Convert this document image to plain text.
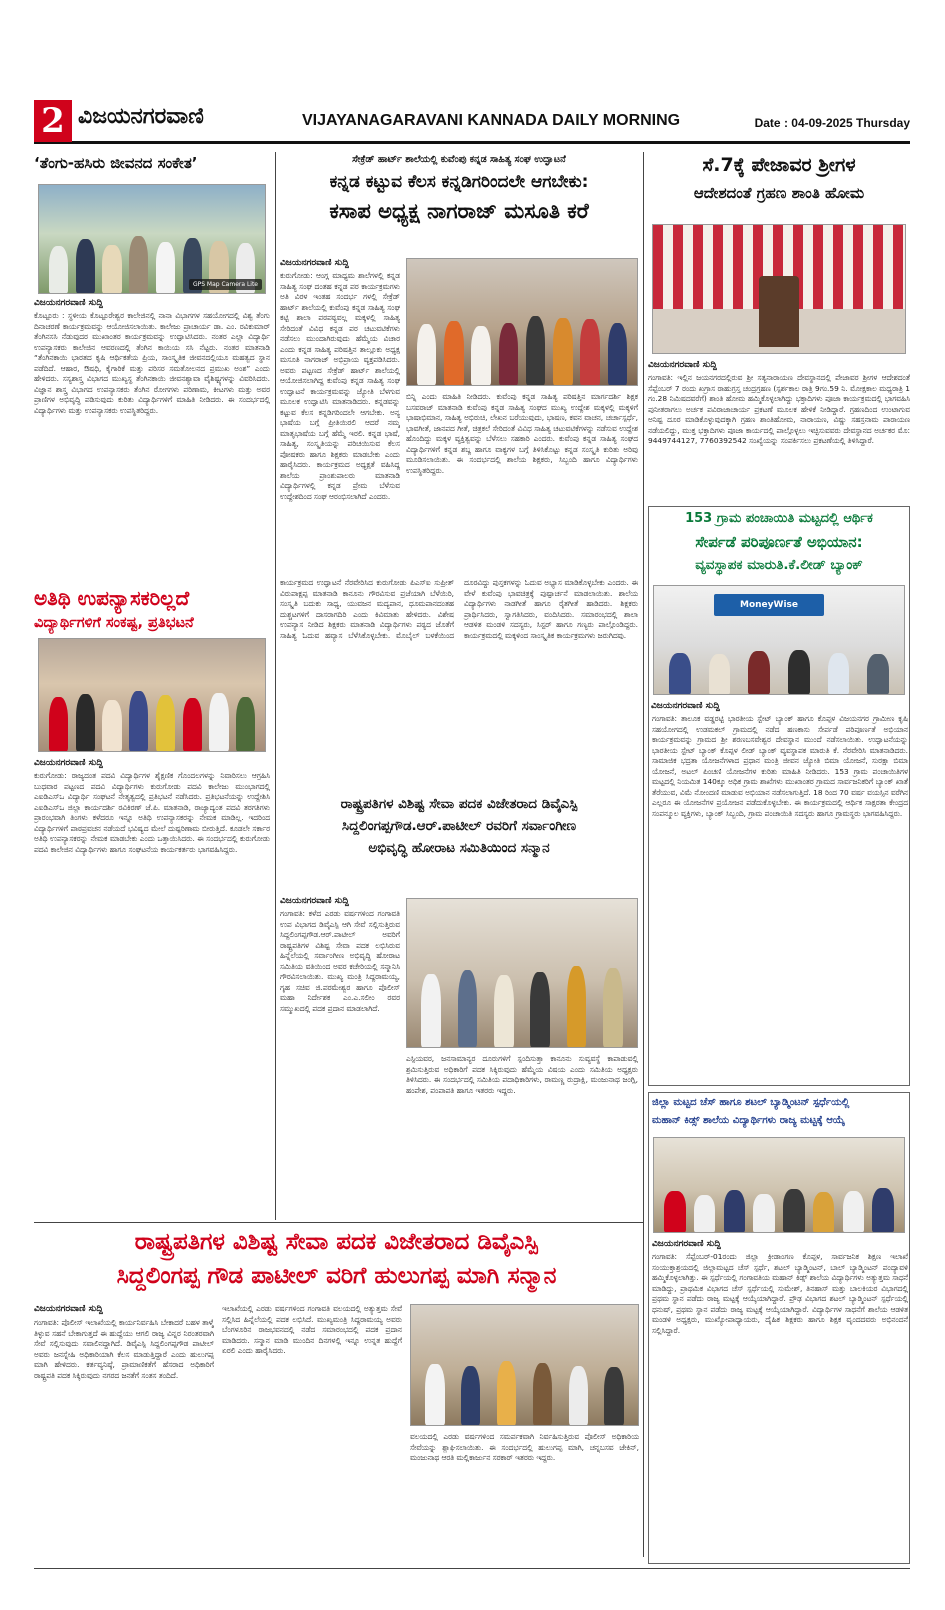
2 ವಿಜಯನಗರವಾಣಿ	VIJAYANAGARAVANI KANNADA DAILY MORNING	Date : 04-09-2025 Thursday
‘ತೆಂಗು-ಹಸಿರು ಜೀವನದ ಸಂಕೇತ’
GPS Map Camera Lite
ವಿಜಯನಗರವಾಣಿ ಸುದ್ದಿ
ಕೊಟ್ಟೂರು : ಸ್ಥಳೀಯ ಕೊಟ್ಟೂರೇಶ್ವರ ಕಾಲೇಜಿನಲ್ಲಿ ನಾನಾ ವಿಭಾಗಗಳ ಸಹಯೋಗದಲ್ಲಿ ವಿಶ್ವ ತೆಂಗು ದಿನಾಚರಣೆ ಕಾರ್ಯಕ್ರಮವನ್ನು ಆಯೋಜಿಸಲಾಯಿತು. ಕಾಲೇಜು ಪ್ರಾಚಾರ್ಯ ಡಾ. ಎಂ. ರವಿಕುಮಾರ್ ತೆಂಗಿನಸಸಿ ನೆಡುವುದರ ಮುಖಾಂತರ ಕಾರ್ಯಕ್ರಮವನ್ನು ಉದ್ಘಾಟಿಸಿದರು. ನಂತರ ಎಲ್ಲಾ ವಿದ್ಯಾರ್ಥಿ ಉಪನ್ಯಾಸಕರು ಕಾಲೇಜಿನ ಆವರಣದಲ್ಲಿ ತೆಂಗಿನ ಕಾಯಿಯ ಸಸಿ ನೆಟ್ಟರು. ನಂತರ ಮಾತನಾಡಿ “ತೆಂಗಿನಕಾಯಿ ಭಾರತದ ಕೃಷಿ ಆರ್ಥಿಕತೆಯ ಪ್ರಿಯ, ಸಾಂಸ್ಕೃತಿಕ ಜೀವನದಲ್ಲಿಯೂ ಮಹತ್ವದ ಸ್ಥಾನ ಪಡೆದಿದೆ. ಆಹಾರ, ಔಷಧಿ, ಕೈಗಾರಿಕೆ ಮತ್ತು ಪರಿಸರ ಸಮತೋಲನದ ಪ್ರಮುಖ ಅಂಶ” ಎಂದು ಹೇಳಿದರು. ಸಸ್ಯಶಾಸ್ತ್ರ ವಿಭಾಗದ ಮುಖ್ಯಸ್ಥ ತೆಂಗಿನಕಾಯಿ ಜೀವನಶ್ಯಾವಾ ವೈಶಿಷ್ಟ್ಯಗಳನ್ನು ವಿವರಿಸಿದರು. ವಿಜ್ಞಾನ ಶಾಸ್ತ್ರ ವಿಭಾಗದ ಉಪನ್ಯಾಸಕರು ತೆಂಗಿನ ರೋಗಗಳು ಪರಿಣಾಮ, ಕೀಟಗಳು ಮತ್ತು ಅವರ ಪ್ರಾಣಿಗಳ ಅಭಿವೃದ್ಧಿ ಪಡಿಸುವುದು ಕುರಿತು ವಿದ್ಯಾರ್ಥಿಗಳಿಗೆ ಮಾಹಿತಿ ನೀಡಿದರು. ಈ ಸಂದರ್ಭದಲ್ಲಿ ವಿದ್ಯಾರ್ಥಿಗಳು ಮತ್ತು ಉಪನ್ಯಾಸಕರು ಉಪಸ್ಥಿತರಿದ್ದರು.
ಅತಿಥಿ ಉಪನ್ಯಾಸಕರಿಲ್ಲದೆ
ವಿದ್ಯಾರ್ಥಿಗಳಿಗೆ ಸಂಕಷ್ಟ, ಪ್ರತಿಭಟನೆ
ವಿಜಯನಗರವಾಣಿ ಸುದ್ದಿ
ಕುರುಗೋಡು: ರಾಜ್ಯದಂತ ಪದವಿ ವಿದ್ಯಾರ್ಥಿಗಳ ಶೈಕ್ಷಣಿಕ ಗೊಂದಲಗಳನ್ನು ನಿವಾರಿಸಲು ಆಗ್ರಹಿಸಿ ಬುಧವಾರ ಪಟ್ಟಣದ ಪದವಿ ವಿದ್ಯಾರ್ಥಿಗಳು ಕುರುಗೋಡು ಪದವಿ ಕಾಲೇಜು ಮುಂಭಾಗದಲ್ಲಿ ಎಐಡಿಎಸ್‌ಒ ವಿದ್ಯಾರ್ಥಿ ಸಂಘಟನೆ ನೇತೃತ್ವದಲ್ಲಿ ಪ್ರತಿಭಟನೆ ನಡೆಸಿದರು. ಪ್ರತಿಭಟನೆಯನ್ನು ಉದ್ದೇಶಿಸಿ ಎಐಡಿಎಸ್‌ಒ ಜಿಲ್ಲಾ ಕಾರ್ಯದರ್ಶಿ ರವಿಕಿರಣ್ ಜೆ.ಪಿ. ಮಾತನಾಡಿ, ರಾಜ್ಯಾದ್ಯಂತ ಪದವಿ ತರಗತಿಗಳು ಪ್ರಾರಂಭವಾಗಿ ತಿಂಗಳು ಕಳೆದರೂ ಇನ್ನೂ ಅತಿಥಿ ಉಪನ್ಯಾಸಕರನ್ನು ನೇಮಕ ಮಾಡಿಲ್ಲ. ಇದರಿಂದ ವಿದ್ಯಾರ್ಥಿಗಳಿಗೆ ಪಾಠಪ್ರವಚನ ನಡೆಯದೆ ಭವಿಷ್ಯದ ಮೇಲೆ ದುಷ್ಪರಿಣಾಮ ಬೀರುತ್ತಿದೆ. ಕೂಡಲೇ ಸರ್ಕಾರ ಅತಿಥಿ ಉಪನ್ಯಾಸಕರನ್ನು ನೇಮಕ ಮಾಡಬೇಕು ಎಂದು ಒತ್ತಾಯಿಸಿದರು. ಈ ಸಂದರ್ಭದಲ್ಲಿ ಕುರುಗೋಡು ಪದವಿ ಕಾಲೇಜಿನ ವಿದ್ಯಾರ್ಥಿಗಳು ಹಾಗೂ ಸಂಘಟನೆಯ ಕಾರ್ಯಕರ್ತರು ಭಾಗವಹಿಸಿದ್ದರು.
ಸೇಕ್ರೆಡ್ ಹಾರ್ಟ್ ಶಾಲೆಯಲ್ಲಿ ಕುವೆಂಪು ಕನ್ನಡ ಸಾಹಿತ್ಯ ಸಂಘ ಉದ್ಘಾಟನೆ
ಕನ್ನಡ ಕಟ್ಟುವ ಕೆಲಸ ಕನ್ನಡಿಗರಿಂದಲೇ ಆಗಬೇಕು:
ಕಸಾಪ ಅಧ್ಯಕ್ಷ ನಾಗರಾಜ್ ಮಸೂತಿ ಕರೆ
ವಿಜಯನಗರವಾಣಿ ಸುದ್ದಿ
ಕುರುಗೋಡು: ಆಂಗ್ಲ ಮಾಧ್ಯಮ ಶಾಲೆಗಳಲ್ಲಿ ಕನ್ನಡ ಸಾಹಿತ್ಯ ಸಂಘ ದಂತಹ ಕನ್ನಡ ಪರ ಕಾರ್ಯಕ್ರಮಗಳು ಅತಿ ವಿರಳ ಇಂತಹ ಸಂದರ್ಭ ಗಳಲ್ಲಿ ಸೇಕ್ರೆಡ್ ಹಾರ್ಟ್ ಶಾಲೆಯಲ್ಲಿ ಕುವೆಂಪು ಕನ್ನಡ ಸಾಹಿತ್ಯ ಸಂಘ ಕಟ್ಟಿ ಶಾಲಾ ಪಠಪಠ್ಯವಲ್ಲ ಮಕ್ಕಳಲ್ಲಿ ಸಾಹಿತ್ಯ ಸೇರಿದಂತೆ ವಿವಿಧ ಕನ್ನಡ ಪರ ಚಟುವಟಿಕೆಗಳು ನಡೆಸಲು ಮುಂದಾಗಿರುವುದು ಹೆಮ್ಮೆಯ ವಿಚಾರ ಎಂದು ಕನ್ನಡ ಸಾಹಿತ್ಯ ಪರಿಷತ್ತಿನ ತಾಲ್ಲೂಕು ಅಧ್ಯಕ್ಷ ಮಸೂತಿ ನಾಗರಾಜ್ ಅಭಿಪ್ರಾಯ ವ್ಯಕ್ತಪಡಿಸಿದರು. ಅವರು ಪಟ್ಟಣದ ಸೇಕ್ರೆಡ್ ಹಾರ್ಟ್ ಶಾಲೆಯಲ್ಲಿ ಆಯೋಜಿಸಲಾಗಿದ್ದ ಕುವೆಂಪು ಕನ್ನಡ ಸಾಹಿತ್ಯ ಸಂಘ ಉದ್ಘಾಟನೆ ಕಾರ್ಯಕ್ರಮವನ್ನು ಜ್ಯೋತಿ ಬೆಳಗುವ ಮೂಲಕ ಉದ್ಘಾಟಿಸಿ ಮಾತನಾಡಿದರು. ಕನ್ನಡವನ್ನು ಕಟ್ಟುವ ಕೆಲಸ ಕನ್ನಡಿಗರಿಂದಲೇ ಆಗಬೇಕು. ಅನ್ಯ ಭಾಷೆಯ ಬಗ್ಗೆ ಪ್ರೀತಿಯಿರಲಿ ಆದರೆ ನಮ್ಮ ಮಾತೃಭಾಷೆಯ ಬಗ್ಗೆ ಹೆಮ್ಮೆ ಇರಲಿ. ಕನ್ನಡ ಭಾಷೆ, ಸಾಹಿತ್ಯ, ಸಂಸ್ಕೃತಿಯನ್ನು ಪರಿಚಯಿಸುವ ಕೆಲಸ ಪೋಷಕರು ಹಾಗೂ ಶಿಕ್ಷಕರು ಮಾಡಬೇಕು ಎಂದು ಹಾರೈಸಿದರು. ಕಾರ್ಯಕ್ರಮದ ಅಧ್ಯಕ್ಷತೆ ವಹಿಸಿದ್ದ ಶಾಲೆಯ ಪ್ರಾಂಶುಪಾಲರು ಮಾತನಾಡಿ ವಿದ್ಯಾರ್ಥಿಗಳಲ್ಲಿ ಕನ್ನಡ ಪ್ರೇಮ ಬೆಳೆಸುವ ಉದ್ದೇಶದಿಂದ ಸಂಘ ಆರಂಭಿಸಲಾಗಿದೆ ಎಂದರು.
ಬಿನ್ನಿ ಎಂದು ಮಾಹಿತಿ ನೀಡಿದರು. ಕುವೆಂಪು ಕನ್ನಡ ಸಾಹಿತ್ಯ ಪರಿಷತ್ತಿನ ಮಾರ್ಗದರ್ಶಿ ಶಿಕ್ಷಕ ಬಸವರಾಜ್ ಮಾತನಾಡಿ ಕುವೆಂಪು ಕನ್ನಡ ಸಾಹಿತ್ಯ ಸಂಘದ ಮುಖ್ಯ ಉದ್ದೇಶ ಮಕ್ಕಳಲ್ಲಿ ಮಕ್ಕಳಿಗೆ ಭಾಷಾಭಿಮಾನ, ಸಾಹಿತ್ಯ ಅಭಿರುಚಿ, ಲೇಖನ ಬರೆಯುವುದು, ಭಾಷಣ, ಕವನ ವಾಚನ, ಚರ್ಚಾಸ್ಪರ್ಧೆ, ಭಾವಗೀತೆ, ಜಾನಪದ ಗೀತೆ, ಚಿತ್ರಕಲೆ ಸೇರಿದಂತೆ ವಿವಿಧ ಸಾಹಿತ್ಯ ಚಟುವಟಿಕೆಗಳನ್ನು ನಡೆಸುವ ಉದ್ದೇಶ ಹೊಂದಿದ್ದು ಮಕ್ಕಳ ವ್ಯಕ್ತಿತ್ವವನ್ನು ಬೆಳೆಸಲು ಸಹಕಾರಿ ಎಂದರು. ಕುವೆಂಪು ಕನ್ನಡ ಸಾಹಿತ್ಯ ಸಂಘದ ವಿದ್ಯಾರ್ಥಿಗಳಿಗೆ ಕನ್ನಡ ಶಬ್ದ ಹಾಗೂ ವಾಕ್ಯಗಳ ಬಗ್ಗೆ ತಿಳಿಸಿಕೊಟ್ಟು ಕನ್ನಡ ಸಂಸ್ಕೃತಿ ಕುರಿತು ಅರಿವು ಮೂಡಿಸಲಾಯಿತು. ಈ ಸಂದರ್ಭದಲ್ಲಿ ಶಾಲೆಯ ಶಿಕ್ಷಕರು, ಸಿಬ್ಬಂದಿ ಹಾಗೂ ವಿದ್ಯಾರ್ಥಿಗಳು ಉಪಸ್ಥಿತರಿದ್ದರು.
ಕಾರ್ಯಕ್ರಮದ ಉದ್ಘಾಟನೆ ನೆರವೇರಿಸಿದ ಕುರುಗೋಡು ಪಿಎಸ್‌ಐ ಸುಪ್ರೀತ್ ವಿರುಪಾಕ್ಷಪ್ಪ ಮಾತನಾಡಿ ಕಾನೂನು ಗೌರವಿಸುವ ಪ್ರಜೆಯಾಗಿ ಬೆಳೆಯಿರಿ, ಸಂಸ್ಕೃತಿ ಬದುಕು ಸಾಧ್ಯ, ಯುವಜನ ಮದ್ಯಪಾನ, ಧೂಮಪಾನದಂತಹ ದುಶ್ಚಟಗಳಿಗೆ ದಾಸರಾಗದಿರಿ ಎಂದು ಕಿವಿಮಾತು ಹೇಳಿದರು. ವಿಶೇಷ ಉಪನ್ಯಾಸ ನೀಡಿದ ಶಿಕ್ಷಕರು ಮಾತನಾಡಿ ವಿದ್ಯಾರ್ಥಿಗಳು ಪಠ್ಯದ ಜೊತೆಗೆ ಸಾಹಿತ್ಯ ಓದುವ ಹವ್ಯಾಸ ಬೆಳೆಸಿಕೊಳ್ಳಬೇಕು. ಮೊಬೈಲ್ ಬಳಕೆಯಿಂದ ದೂರವಿದ್ದು ಪುಸ್ತಕಗಳನ್ನು ಓದುವ ಅಭ್ಯಾಸ ಮಾಡಿಕೊಳ್ಳಬೇಕು ಎಂದರು. ಈ ವೇಳೆ ಕುವೆಂಪು ಭಾವಚಿತ್ರಕ್ಕೆ ಪುಷ್ಪಾರ್ಚನೆ ಮಾಡಲಾಯಿತು. ಶಾಲೆಯ ವಿದ್ಯಾರ್ಥಿಗಳು ನಾಡಗೀತೆ ಹಾಗೂ ರೈತಗೀತೆ ಹಾಡಿದರು. ಶಿಕ್ಷಕರು ಪ್ರಾರ್ಥಿಸಿದರು, ಸ್ವಾಗತಿಸಿದರು, ವಂದಿಸಿದರು. ಸಮಾರಂಭದಲ್ಲಿ ಶಾಲಾ ಆಡಳಿತ ಮಂಡಳಿ ಸದಸ್ಯರು, ಸಿಸ್ಟರ್ ಹಾಗೂ ಗಣ್ಯರು ಪಾಲ್ಗೊಂಡಿದ್ದರು. ಕಾರ್ಯಕ್ರಮದಲ್ಲಿ ಮಕ್ಕಳಿಂದ ಸಾಂಸ್ಕೃತಿಕ ಕಾರ್ಯಕ್ರಮಗಳು ಜರುಗಿದವು.
ರಾಷ್ಟ್ರಪತಿಗಳ ವಿಶಿಷ್ಟ ಸೇವಾ ಪದಕ ವಿಜೇತರಾದ ಡಿವೈಎಸ್ಪಿ
ಸಿದ್ದಲಿಂಗಪ್ಪಗೌಡ.ಆರ್.ಪಾಟೀಲ್ ರವರಿಗೆ ಸರ್ವಾಂಗೀಣ
ಅಭಿವೃದ್ಧಿ ಹೋರಾಟ ಸಮಿತಿಯಿಂದ ಸನ್ಮಾನ
ವಿಜಯನಗರವಾಣಿ ಸುದ್ದಿ
ಗಂಗಾವತಿ: ಕಳೆದ ಎರಡು ವರ್ಷಗಳಿಂದ ಗಂಗಾವತಿ ಉಪ ವಿಭಾಗದ ಡಿವೈಎಸ್ಪಿ ಆಗಿ ಸೇವೆ ಸಲ್ಲಿಸುತ್ತಿರುವ ಸಿದ್ದಲಿಂಗಪ್ಪಗೌಡ.ಆರ್.ಪಾಟೀಲ್ ಅವರಿಗೆ ರಾಷ್ಟ್ರಪತಿಗಳ ವಿಶಿಷ್ಟ ಸೇವಾ ಪದಕ ಲಭಿಸಿರುವ ಹಿನ್ನೆಲೆಯಲ್ಲಿ ಸರ್ವಾಂಗೀಣ ಅಭಿವೃದ್ಧಿ ಹೋರಾಟ ಸಮಿತಿಯ ವತಿಯಿಂದ ಅವರ ಕಚೇರಿಯಲ್ಲಿ ಸನ್ಮಾನಿಸಿ ಗೌರವಿಸಲಾಯಿತು. ಮುಖ್ಯ ಮಂತ್ರಿ ಸಿದ್ದರಾಮಯ್ಯ, ಗೃಹ ಸಚಿವ ಜಿ.ಪರಮೇಶ್ವರ ಹಾಗೂ ಪೊಲೀಸ್ ಮಹಾ ನಿರ್ದೇಶಕ ಎಂ.ಎ.ಸಲೀಂ ರವರ ಸಮ್ಮುಖದಲ್ಲಿ ಪದಕ ಪ್ರದಾನ ಮಾಡಲಾಗಿದೆ.
ಎಸ್ಪಿಯವರ, ಜನಸಾಮಾನ್ಯರ ದೂರುಗಳಿಗೆ ಸ್ಪಂದಿಸುತ್ತಾ ಕಾನೂನು ಸುವ್ಯವಸ್ಥೆ ಕಾಪಾಡುವಲ್ಲಿ ಶ್ರಮಿಸುತ್ತಿರುವ ಅಧಿಕಾರಿಗೆ ಪದಕ ಸಿಕ್ಕಿರುವುದು ಹೆಮ್ಮೆಯ ವಿಷಯ ಎಂದು ಸಮಿತಿಯ ಅಧ್ಯಕ್ಷರು ತಿಳಿಸಿದರು. ಈ ಸಂದರ್ಭದಲ್ಲಿ ಸಮಿತಿಯ ಪದಾಧಿಕಾರಿಗಳು, ರಾಮಣ್ಣ ರುದ್ರಾಕ್ಷಿ, ಮಂಜುನಾಥ ಜಂಗ್ಲಿ, ಹಂಪೇಶ, ಪಂಪಾಪತಿ ಹಾಗೂ ಇತರರು ಇದ್ದರು.
ರಾಷ್ಟ್ರಪತಿಗಳ ವಿಶಿಷ್ಟ ಸೇವಾ ಪದಕ ವಿಜೇತರಾದ ಡಿವೈಎಸ್ಪಿ
ಸಿದ್ದಲಿಂಗಪ್ಪ ಗೌಡ ಪಾಟೀಲ್ ವರಿಗೆ ಹುಲುಗಪ್ಪ ಮಾಗಿ ಸನ್ಮಾನ
ವಿಜಯನಗರವಾಣಿ ಸುದ್ದಿ
ಗಂಗಾವತಿ: ಪೊಲೀಸ್ ಇಲಾಖೆಯಲ್ಲಿ ಕಾರ್ಯನಿರ್ವಹಿಸಿ ಬೇಕಾದರೆ ಬಹಳ ತಾಳ್ಮೆ ತಿಳ್ಳುವ ಸಹನೆ ಬೇಕಾಗುತ್ತದೆ ಈ ಹುದ್ದೆಯು ಆಗಲಿ ರಾಜ್ಯ ವಿನ್ನರ ನಿರಂತರವಾಗಿ ಸೇವೆ ಸಲ್ಲಿಸುವುದು ಸವಾಲಿನದ್ದಾಗಿದೆ. ಡಿವೈಎಸ್ಪಿ ಸಿದ್ದಲಿಂಗಪ್ಪಗೌಡ ಪಾಟೀಲ್ ಅವರು ಜನಸ್ನೇಹಿ ಅಧಿಕಾರಿಯಾಗಿ ಕೆಲಸ ಮಾಡುತ್ತಿದ್ದಾರೆ ಎಂದು ಹುಲುಗಪ್ಪ ಮಾಗಿ ಹೇಳಿದರು. ಕರ್ತವ್ಯನಿಷ್ಠೆ, ಪ್ರಾಮಾಣಿಕತೆಗೆ ಹೆಸರಾದ ಅಧಿಕಾರಿಗೆ ರಾಷ್ಟ್ರಪತಿ ಪದಕ ಸಿಕ್ಕಿರುವುದು ನಗರದ ಜನತೆಗೆ ಸಂತಸ ತಂದಿದೆ.
ಇಲಾಖೆಯಲ್ಲಿ ಎರಡು ವರ್ಷಗಳಿಂದ ಗಂಗಾವತಿ ವಲಯದಲ್ಲಿ ಅತ್ಯುತ್ತಮ ಸೇವೆ ಸಲ್ಲಿಸಿದ ಹಿನ್ನೆಲೆಯಲ್ಲಿ ಪದಕ ಲಭಿಸಿದೆ. ಮುಖ್ಯಮಂತ್ರಿ ಸಿದ್ದರಾಮಯ್ಯ ಅವರು ಬೆಂಗಳೂರಿನ ರಾಜಭವನದಲ್ಲಿ ನಡೆದ ಸಮಾರಂಭದಲ್ಲಿ ಪದಕ ಪ್ರದಾನ ಮಾಡಿದರು. ಸನ್ಮಾನ ಮಾಡಿ ಮುಂದಿನ ದಿನಗಳಲ್ಲಿ ಇನ್ನೂ ಉನ್ನತ ಹುದ್ದೆಗೆ ಏರಲಿ ಎಂದು ಹಾರೈಸಿದರು.
ವಲಯದಲ್ಲಿ ಎರಡು ವರ್ಷಗಳಿಂದ ಸಮರ್ಪಕವಾಗಿ ನಿರ್ವಹಿಸುತ್ತಿರುವ ಪೊಲೀಸ್ ಅಧಿಕಾರಿಯ ಸೇವೆಯನ್ನು ಶ್ಲಾಘಿಸಲಾಯಿತು. ಈ ಸಂದರ್ಭದಲ್ಲಿ ಹುಲುಗಪ್ಪ ಮಾಗಿ, ಚನ್ನಬಸವ ಜೇಕಿನ್, ಮಂಜುನಾಥ ಆರತಿ ಮಲ್ಲಿಕಾರ್ಜುನ ಸರಕಾರ್ ಇತರರು ಇದ್ದರು.
ಸೆ.7ಕ್ಕೆ ಪೇಜಾವರ ಶ್ರೀಗಳ
ಆದೇಶದಂತೆ ಗ್ರಹಣ ಶಾಂತಿ ಹೋಮ
ವಿಜಯನಗರವಾಣಿ ಸುದ್ದಿ
ಗಂಗಾವತಿ: ಇಲ್ಲಿನ ಜಯನಗರದಲ್ಲಿರುವ ಶ್ರೀ ಸತ್ಯನಾರಾಯಣ ದೇವಸ್ಥಾನದಲ್ಲಿ ಪೇಜಾವರ ಶ್ರೀಗಳ ಆದೇಶದಂತೆ ಸೆಪ್ಟೆಂಬರ್ 7 ರಂದು ಖಗ್ರಾಸ ರಾಹುಗ್ರಸ್ತ ಚಂದ್ರಗ್ರಹಣ (ಸ್ಪರ್ಶಕಾಲ ರಾತ್ರಿ 9ಗಂ.59 ನಿ. ಮೋಕ್ಷಕಾಲ ಮಧ್ಯರಾತ್ರಿ 1 ಗಂ.28 ನಿಮಿಷದವರೆಗೆ) ಶಾಂತಿ ಹೋಮ ಹಮ್ಮಿಕೊಳ್ಳಲಾಗಿದ್ದು ಭಕ್ತಾದಿಗಳು ಪೂಜಾ ಕಾರ್ಯಕ್ರಮದಲ್ಲಿ ಭಾಗವಹಿಸಿ ಪುನೀತರಾಗಲು ಅರ್ಚಕ ಪವಿರಾಜಾಚಾರ್ಯ ಪ್ರಕಟಣೆ ಮೂಲಕ ಹೇಳಿಕೆ ನೀಡಿದ್ದಾರೆ. ಗ್ರಹಣದಿಂದ ಉಂಟಾಗುವ ಅನಿಷ್ಟ ದೂರ ಮಾಡಿಕೊಳ್ಳುವುದಕ್ಕಾಗಿ ಗ್ರಹಣ ಶಾಂತಿಹೋಮ, ನಾರಾಯಣ, ವಿಷ್ಣು ಸಹಸ್ರನಾಮ ಪಾರಾಯಣ ನಡೆಯಲಿದ್ದು, ಮುಕ್ತ ಭಕ್ತಾದಿಗಳು ಪೂಜಾ ಕಾರ್ಯದಲ್ಲಿ ಪಾಲ್ಗೊಳ್ಳಲು ಇಚ್ಛಿಸುವವರು ದೇವಸ್ಥಾನದ ಅರ್ಚಕರ ಮೊ: 9449744127, 7760392542 ಸಂಖ್ಯೆಯನ್ನು ಸಂಪರ್ಕಿಸಲು ಪ್ರಕಟಣೆಯಲ್ಲಿ ತಿಳಿಸಿದ್ದಾರೆ.
153 ಗ್ರಾಮ ಪಂಚಾಯಿತಿ ಮಟ್ಟದಲ್ಲಿ ಆರ್ಥಿಕ
ಸೇರ್ಪಡೆ ಪರಿಪೂರ್ಣತೆ ಅಭಿಯಾನ:
ವ್ಯವಸ್ಥಾಪಕ ಮಾರುತಿ.ಕೆ.ಲೀಡ್ ಬ್ಯಾಂಕ್
MoneyWise
ವಿಜಯನಗರವಾಣಿ ಸುದ್ದಿ
ಗಂಗಾವತಿ: ತಾಲೂಕ ವಡ್ಡರಟ್ಟಿ ಭಾರತೀಯ ಸ್ಟೇಟ್ ಬ್ಯಾಂಕ್ ಹಾಗೂ ಕೊಪ್ಪಳ ವಿಜಯನಗರ ಗ್ರಾಮೀಣ ಕೃಷಿ ಸಹಯೋಗದಲ್ಲಿ ಉಡಮಕಲ್ ಗ್ರಾಮದಲ್ಲಿ ನಡೆದ ಹಣಕಾಸು ಸೇರ್ಪಡೆ ಪರಿಪೂರ್ಣತೆ ಅಭಿಯಾನ ಕಾರ್ಯಕ್ರಮವನ್ನು ಗ್ರಾಮದ ಶ್ರೀ ಶರಣಬಸವೇಶ್ವರ ದೇವಸ್ಥಾನ ಮುಂದೆ ನಡೆಸಲಾಯಿತು. ಉದ್ಘಾಟನೆಯನ್ನು ಭಾರತೀಯ ಸ್ಟೇಟ್ ಬ್ಯಾಂಕ್ ಕೊಪ್ಪಳ ಲೀಡ್ ಬ್ಯಾಂಕ್ ವ್ಯವಸ್ಥಾಪಕ ಮಾರುತಿ ಕೆ. ನೆರವೇರಿಸಿ ಮಾತನಾಡಿದರು. ಸಾಮಾಜಿಕ ಭದ್ರತಾ ಯೋಜನೆಗಳಾದ ಪ್ರಧಾನ ಮಂತ್ರಿ ಜೀವನ ಜ್ಯೋತಿ ಬಿಮಾ ಯೋಜನೆ, ಸುರಕ್ಷಾ ಬಿಮಾ ಯೋಜನೆ, ಅಟಲ್ ಪಿಂಚಣಿ ಯೋಜನೆಗಳ ಕುರಿತು ಮಾಹಿತಿ ನೀಡಿದರು. 153 ಗ್ರಾಮ ಪಂಚಾಯಿತಿಗಳ ಮಟ್ಟದಲ್ಲಿ ನಿಯಮಿತ 140ಕ್ಕೂ ಅಧಿಕ ಗ್ರಾಮ ಶಾಖೆಗಳು ಮುಖಾಂತರ ಗ್ರಾಮದ ಸಾರ್ವಜನಿಕರಿಗೆ ಬ್ಯಾಂಕ್ ಖಾತೆ ತೆರೆಯುವ, ವಿಮೆ ನೋಂದಣಿ ಮಾಡುವ ಅಭಿಯಾನ ನಡೆಸಲಾಗುತ್ತಿದೆ. 18 ರಿಂದ 70 ವರ್ಷ ವಯಸ್ಸಿನ ವರೆಗಿನ ಎಲ್ಲರೂ ಈ ಯೋಜನೆಗಳ ಪ್ರಯೋಜನ ಪಡೆದುಕೊಳ್ಳಬೇಕು. ಈ ಕಾರ್ಯಕ್ರಮದಲ್ಲಿ ಆರ್ಥಿಕ ಸಾಕ್ಷರತಾ ಕೇಂದ್ರದ ಸಂಪನ್ಮೂಲ ವ್ಯಕ್ತಿಗಳು, ಬ್ಯಾಂಕ್ ಸಿಬ್ಬಂದಿ, ಗ್ರಾಮ ಪಂಚಾಯಿತಿ ಸದಸ್ಯರು ಹಾಗೂ ಗ್ರಾಮಸ್ಥರು ಭಾಗವಹಿಸಿದ್ದರು.
ಜಿಲ್ಲಾ ಮಟ್ಟದ ಚೆಸ್ ಹಾಗೂ ಶಟಲ್ ಬ್ಯಾಡ್ಮಿಂಟನ್ ಸ್ಪರ್ಧೆಯಲ್ಲಿ
ಮಹಾನ್ ಕಿಡ್ಸ್ ಶಾಲೆಯ ವಿದ್ಯಾರ್ಥಿಗಳು ರಾಜ್ಯ ಮಟ್ಟಕ್ಕೆ ಆಯ್ಕೆ
ವಿಜಯನಗರವಾಣಿ ಸುದ್ದಿ
ಗಂಗಾವತಿ: ಸೆಪ್ಟೆಂಬರ್-01ರಂದು ಜಿಲ್ಲಾ ಕ್ರೀಡಾಂಗಣ ಕೊಪ್ಪಳ, ಸಾರ್ವಜನಿಕ ಶಿಕ್ಷಣ ಇಲಾಖೆ ಸಂಯುಕ್ತಾಶ್ರಯದಲ್ಲಿ ಜಿಲ್ಲಾಮಟ್ಟದ ಚೆಸ್ ಸ್ಪರ್ಧೆ, ಶಟಲ್ ಬ್ಯಾಡ್ಮಿಂಟನ್, ಬಾಲ್ ಬ್ಯಾಡ್ಮಿಂಟನ್ ಪಂದ್ಯಾವಳಿ ಹಮ್ಮಿಕೊಳ್ಳಲಾಗಿತ್ತು. ಈ ಸ್ಪರ್ಧೆಯಲ್ಲಿ ಗಂಗಾವತಿಯ ಮಹಾನ್ ಕಿಡ್ಸ್ ಶಾಲೆಯ ವಿದ್ಯಾರ್ಥಿಗಳು ಅತ್ಯುತ್ತಮ ಸಾಧನೆ ಮಾಡಿದ್ದು, ಪ್ರಾಥಮಿಕ ವಿಭಾಗದ ಚೆಸ್ ಸ್ಪರ್ಧೆಯಲ್ಲಿ ಸುಮೇಶ್, ತಿನಹಾಸ್ ಮತ್ತು ಬಾಲಕಿಯರ ವಿಭಾಗದಲ್ಲಿ ಪ್ರಥಮ ಸ್ಥಾನ ಪಡೆದು ರಾಜ್ಯ ಮಟ್ಟಕ್ಕೆ ಆಯ್ಕೆಯಾಗಿದ್ದಾರೆ. ಪ್ರೌಢ ವಿಭಾಗದ ಶಟಲ್ ಬ್ಯಾಡ್ಮಿಂಟನ್ ಸ್ಪರ್ಧೆಯಲ್ಲಿ ಧನುಷ್, ಪ್ರಥಮ ಸ್ಥಾನ ಪಡೆದು ರಾಜ್ಯ ಮಟ್ಟಕ್ಕೆ ಆಯ್ಕೆಯಾಗಿದ್ದಾರೆ. ವಿದ್ಯಾರ್ಥಿಗಳ ಸಾಧನೆಗೆ ಶಾಲೆಯ ಆಡಳಿತ ಮಂಡಳಿ ಅಧ್ಯಕ್ಷರು, ಮುಖ್ಯೋಪಾಧ್ಯಾಯರು, ದೈಹಿಕ ಶಿಕ್ಷಕರು ಹಾಗೂ ಶಿಕ್ಷಕ ವೃಂದದವರು ಅಭಿನಂದನೆ ಸಲ್ಲಿಸಿದ್ದಾರೆ.
